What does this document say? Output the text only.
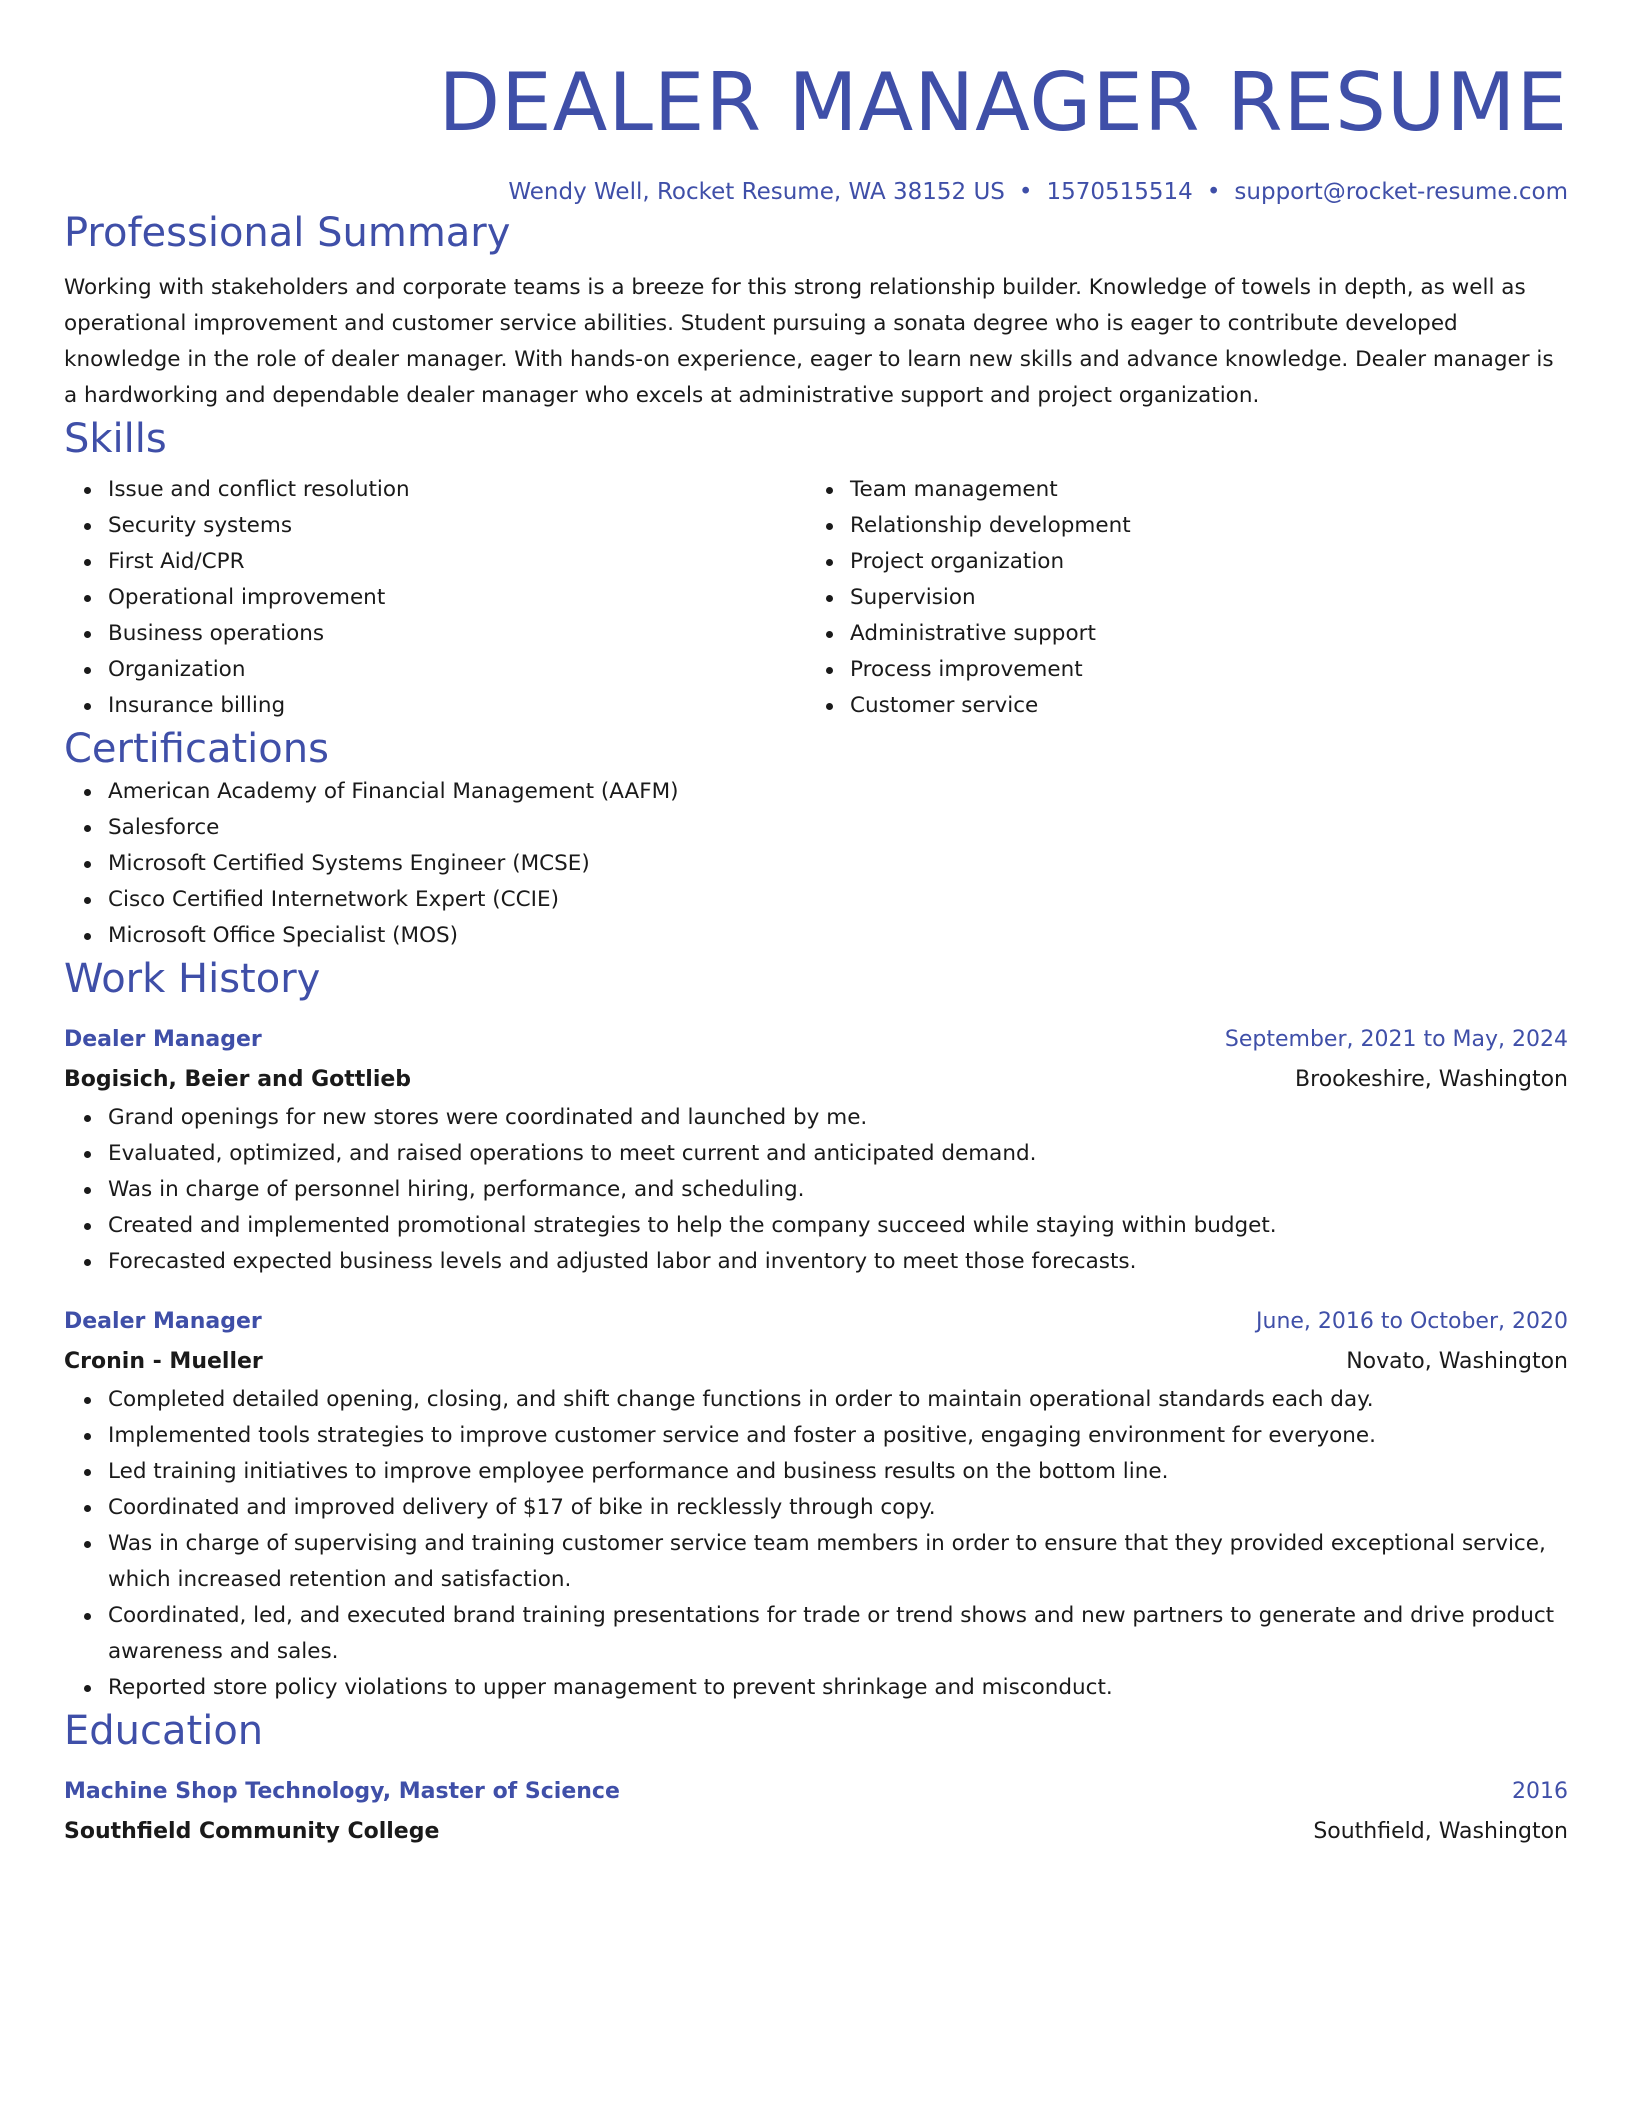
DEALER MANAGER RESUME
Wendy Well, Rocket Resume, WA 38152 US • 1570515514 • support@rocket-resume.com
Professional Summary

Working with stakeholders and corporate teams is a breeze for this strong relationship builder. Knowledge of towels in depth, as well as operational improvement and customer service abilities. Student pursuing a sonata degree who is eager to contribute developed knowledge in the role of dealer manager. With hands-on experience, eager to learn new skills and advance knowledge. Dealer manager is a hardworking and dependable dealer manager who excels at administrative support and project organization.

Skills
Issue and conflict resolution
Security systems
First Aid/CPR
Operational improvement
Business operations
Organization
Insurance billing
Team management
Relationship development
Project organization
Supervision
Administrative support
Process improvement
Customer service
Certifications
American Academy of Financial Management (AAFM)
Salesforce
Microsoft Certified Systems Engineer (MCSE)
Cisco Certified Internetwork Expert (CCIE)
Microsoft Office Specialist (MOS)
Work History
Dealer Manager	September, 2021 to May, 2024
Bogisich, Beier and Gottlieb	Brookeshire, Washington
Grand openings for new stores were coordinated and launched by me.
Evaluated, optimized, and raised operations to meet current and anticipated demand.
Was in charge of personnel hiring, performance, and scheduling.
Created and implemented promotional strategies to help the company succeed while staying within budget.
Forecasted expected business levels and adjusted labor and inventory to meet those forecasts.
Dealer Manager	June, 2016 to October, 2020
Cronin - Mueller	Novato, Washington
Completed detailed opening, closing, and shift change functions in order to maintain operational standards each day.
Implemented tools strategies to improve customer service and foster a positive, engaging environment for everyone.
Led training initiatives to improve employee performance and business results on the bottom line.
Coordinated and improved delivery of $17 of bike in recklessly through copy.
Was in charge of supervising and training customer service team members in order to ensure that they provided exceptional service, which increased retention and satisfaction.
Coordinated, led, and executed brand training presentations for trade or trend shows and new partners to generate and drive product awareness and sales.
Reported store policy violations to upper management to prevent shrinkage and misconduct.
Education
Machine Shop Technology, Master of Science	2016
Southfield Community College	Southfield, Washington
